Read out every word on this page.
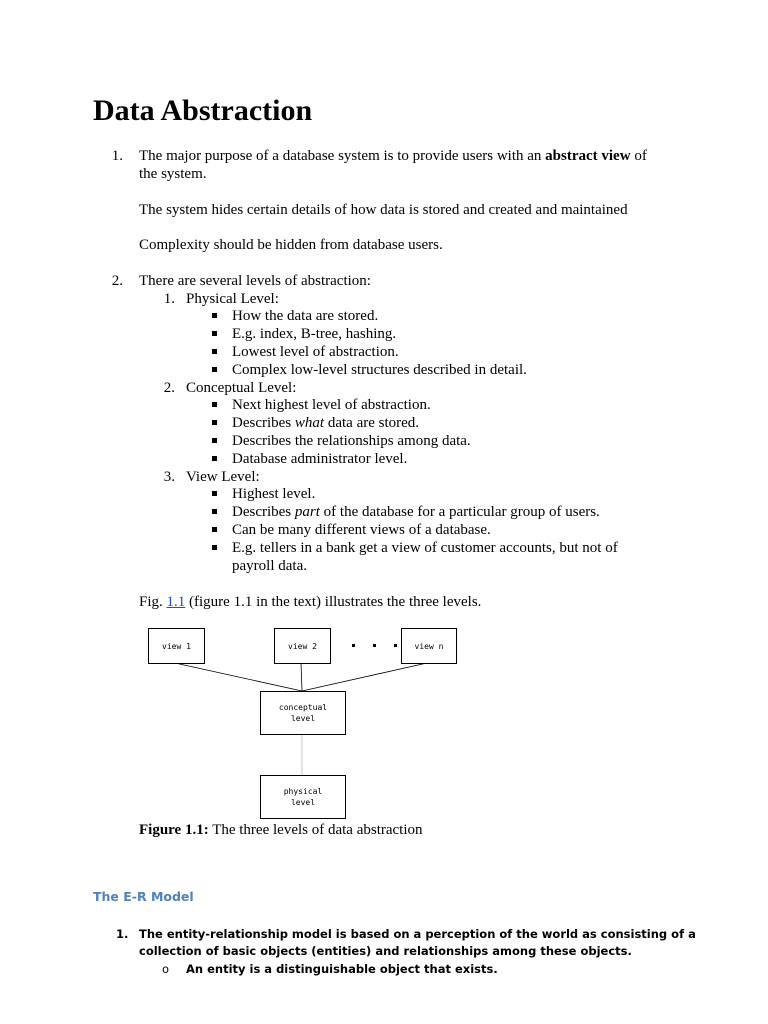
Data Abstraction
1. The major purpose of a database system is to provide users with an abstract view of
the system.
The system hides certain details of how data is stored and created and maintained
Complexity should be hidden from database users.
2. There are several levels of abstraction:
1. Physical Level:
How the data are stored.
E.g. index, B-tree, hashing.
Lowest level of abstraction.
Complex low-level structures described in detail.
2. Conceptual Level:
Next highest level of abstraction.
Describes what data are stored.
Describes the relationships among data.
Database administrator level.
3. View Level:
Highest level.
Describes part of the database for a particular group of users.
Can be many different views of a database.
E.g. tellers in a bank get a view of customer accounts, but not of
payroll data.
Fig. 1.1 (figure 1.1 in the text) illustrates the three levels.
view 1	view 2	view n
conceptual
level
physical
level
Figure 1.1: The three levels of data abstraction
The E-R Model
1. The entity-relationship model is based on a perception of the world as consisting of a
collection of basic objects (entities) and relationships among these objects.
o An entity is a distinguishable object that exists.
